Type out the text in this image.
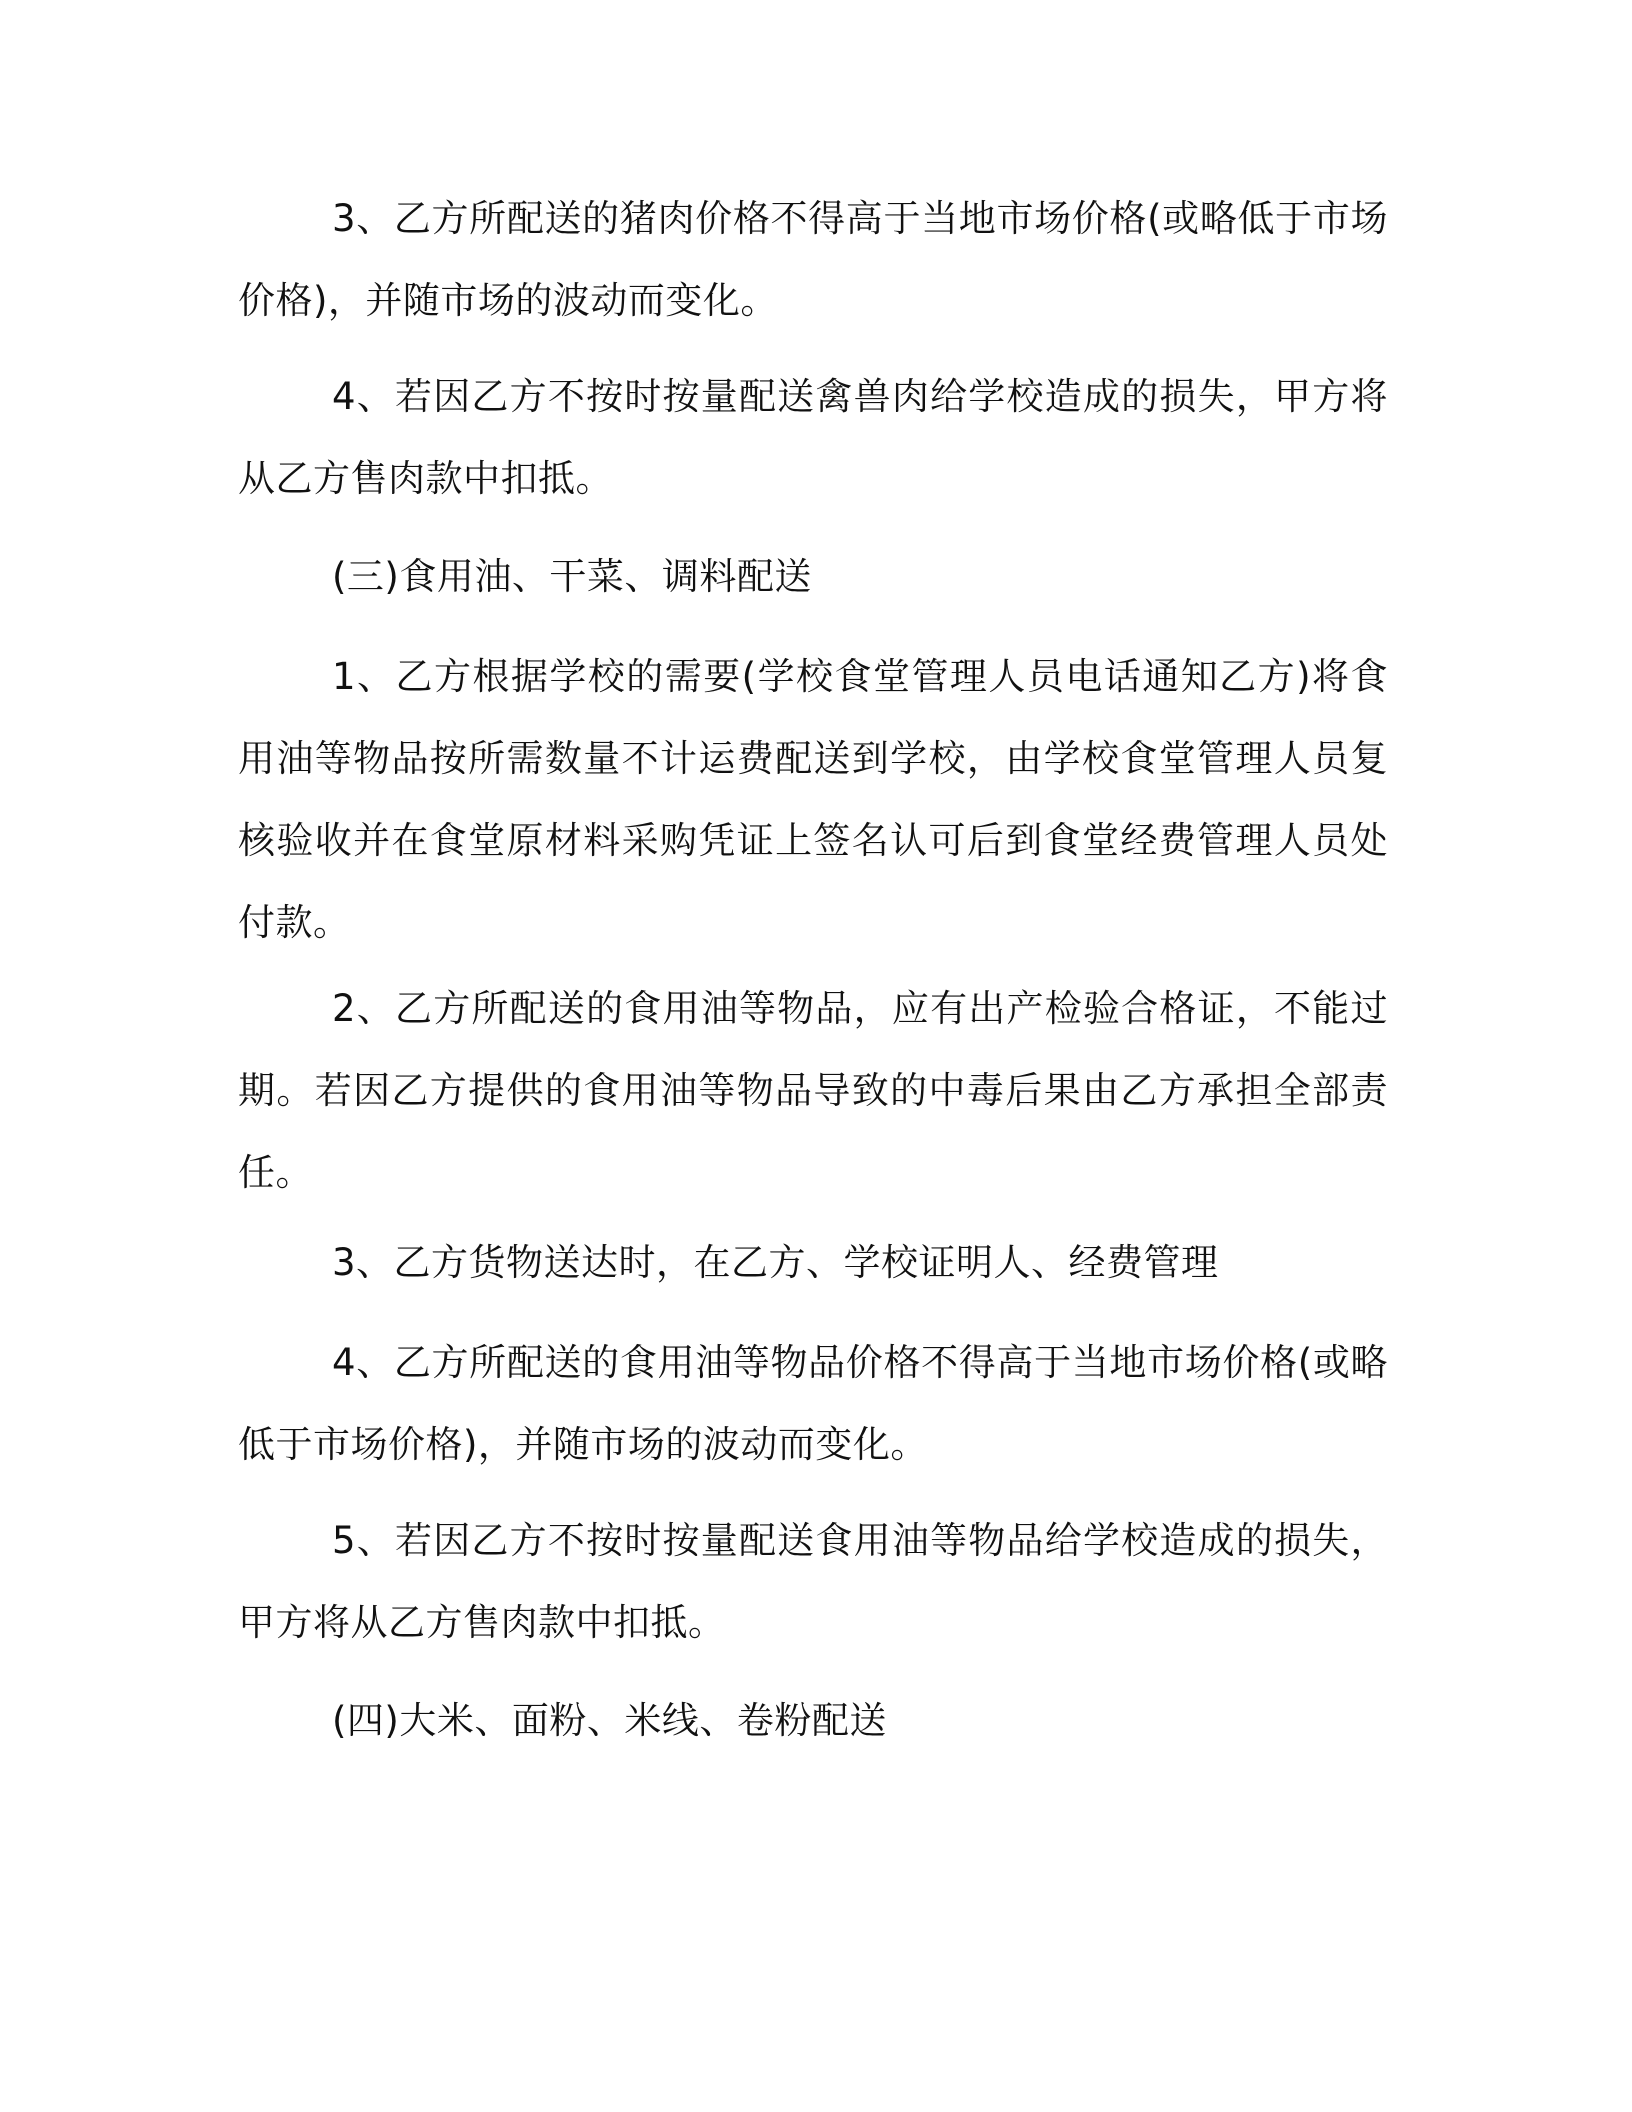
3、乙方所配送的猪肉价格不得高于当地市场价格(或略低于市场价格)，并随市场的波动而变化。

4、若因乙方不按时按量配送禽兽肉给学校造成的损失，甲方将从乙方售肉款中扣抵。

(三)食用油、干菜、调料配送

1、乙方根据学校的需要(学校食堂管理人员电话通知乙方)将食用油等物品按所需数量不计运费配送到学校，由学校食堂管理人员复核验收并在食堂原材料采购凭证上签名认可后到食堂经费管理人员处付款。

2、乙方所配送的食用油等物品，应有出产检验合格证，不能过期。若因乙方提供的食用油等物品导致的中毒后果由乙方承担全部责任。

3、乙方货物送达时，在乙方、学校证明人、经费管理

4、乙方所配送的食用油等物品价格不得高于当地市场价格(或略低于市场价格)，并随市场的波动而变化。

5、若因乙方不按时按量配送食用油等物品给学校造成的损失，甲方将从乙方售肉款中扣抵。

(四)大米、面粉、米线、卷粉配送
